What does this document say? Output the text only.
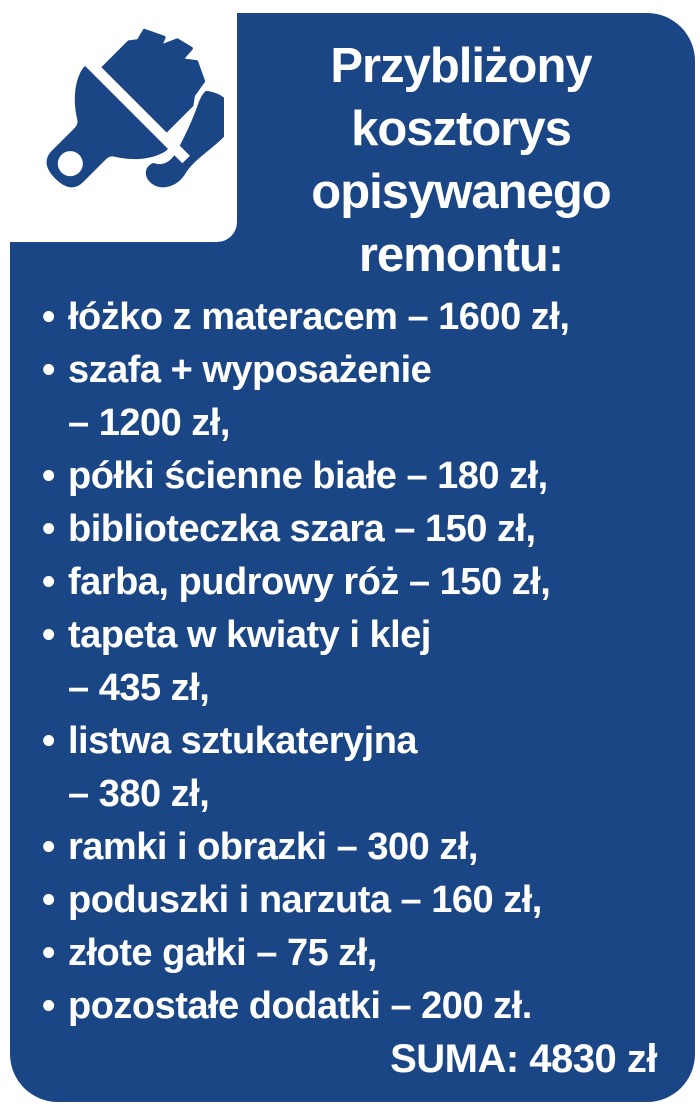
Przybliżony
kosztorys
opisywanego
remontu:
• łóżko z materacem – 1600 zł,
• szafa + wyposażenie
– 1200 zł,
• półki ścienne białe – 180 zł,
• biblioteczka szara – 150 zł,
• farba, pudrowy róż – 150 zł,
• tapeta w kwiaty i klej
– 435 zł,
• listwa sztukateryjna
– 380 zł,
• ramki i obrazki – 300 zł,
• poduszki i narzuta – 160 zł,
• złote gałki – 75 zł,
• pozostałe dodatki – 200 zł.
SUMA: 4830 zł
